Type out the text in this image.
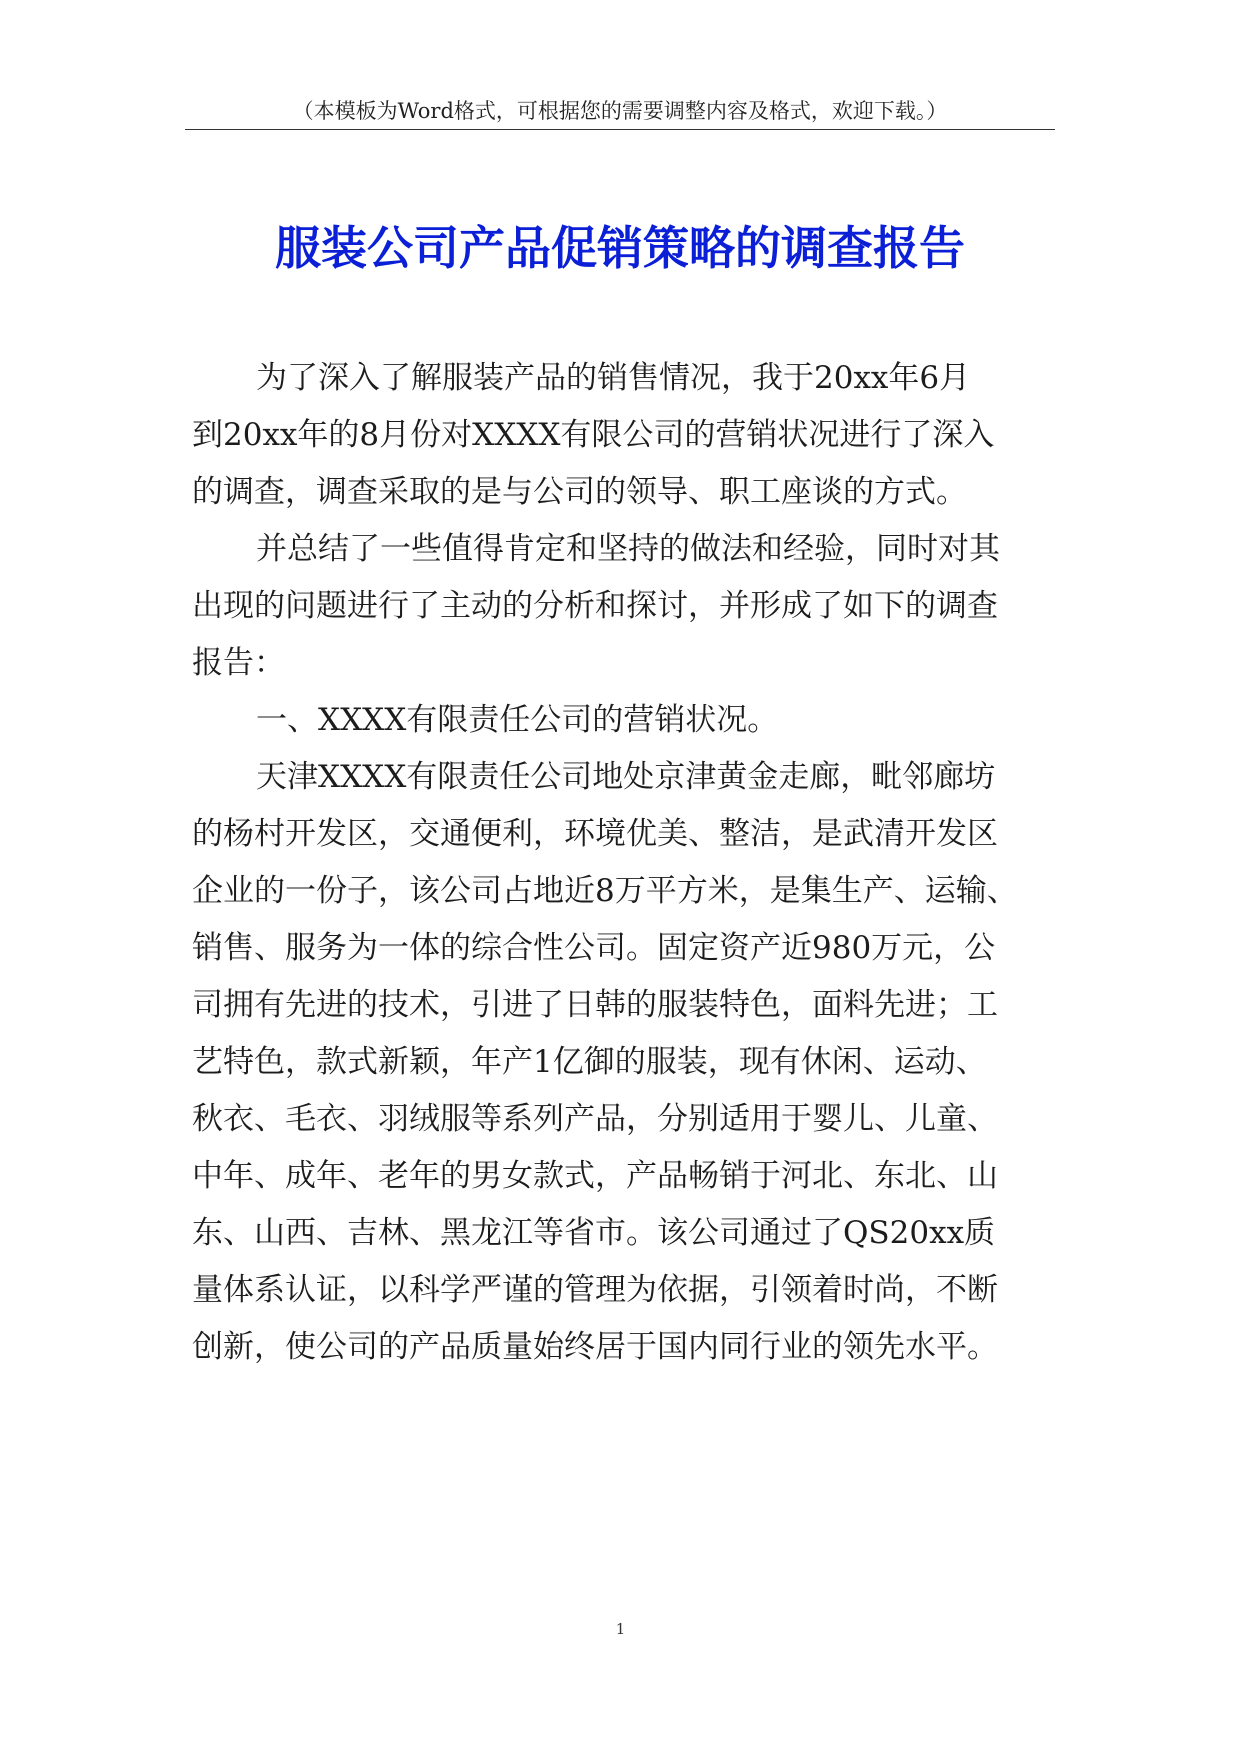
（本模板为Word格式，可根据您的需要调整内容及格式，欢迎下载。）
服装公司产品促销策略的调查报告
为了深入了解服装产品的销售情况，我于20xx年6月
到20xx年的8月份对XXXX有限公司的营销状况进行了深入
的调查，调查采取的是与公司的领导、职工座谈的方式。
并总结了一些值得肯定和坚持的做法和经验，同时对其
出现的问题进行了主动的分析和探讨，并形成了如下的调查
报告：
一、XXXX有限责任公司的营销状况。
天津XXXX有限责任公司地处京津黄金走廊，毗邻廊坊
的杨村开发区，交通便利，环境优美、整洁，是武清开发区
企业的一份子，该公司占地近8万平方米，是集生产、运输、
销售、服务为一体的综合性公司。固定资产近980万元，公
司拥有先进的技术，引进了日韩的服装特色，面料先进；工
艺特色，款式新颖，年产1亿御的服装，现有休闲、运动、
秋衣、毛衣、羽绒服等系列产品，分别适用于婴儿、儿童、
中年、成年、老年的男女款式，产品畅销于河北、东北、山
东、山西、吉林、黑龙江等省市。该公司通过了QS20xx质
量体系认证，以科学严谨的管理为依据，引领着时尚，不断
创新，使公司的产品质量始终居于国内同行业的领先水平。
1
